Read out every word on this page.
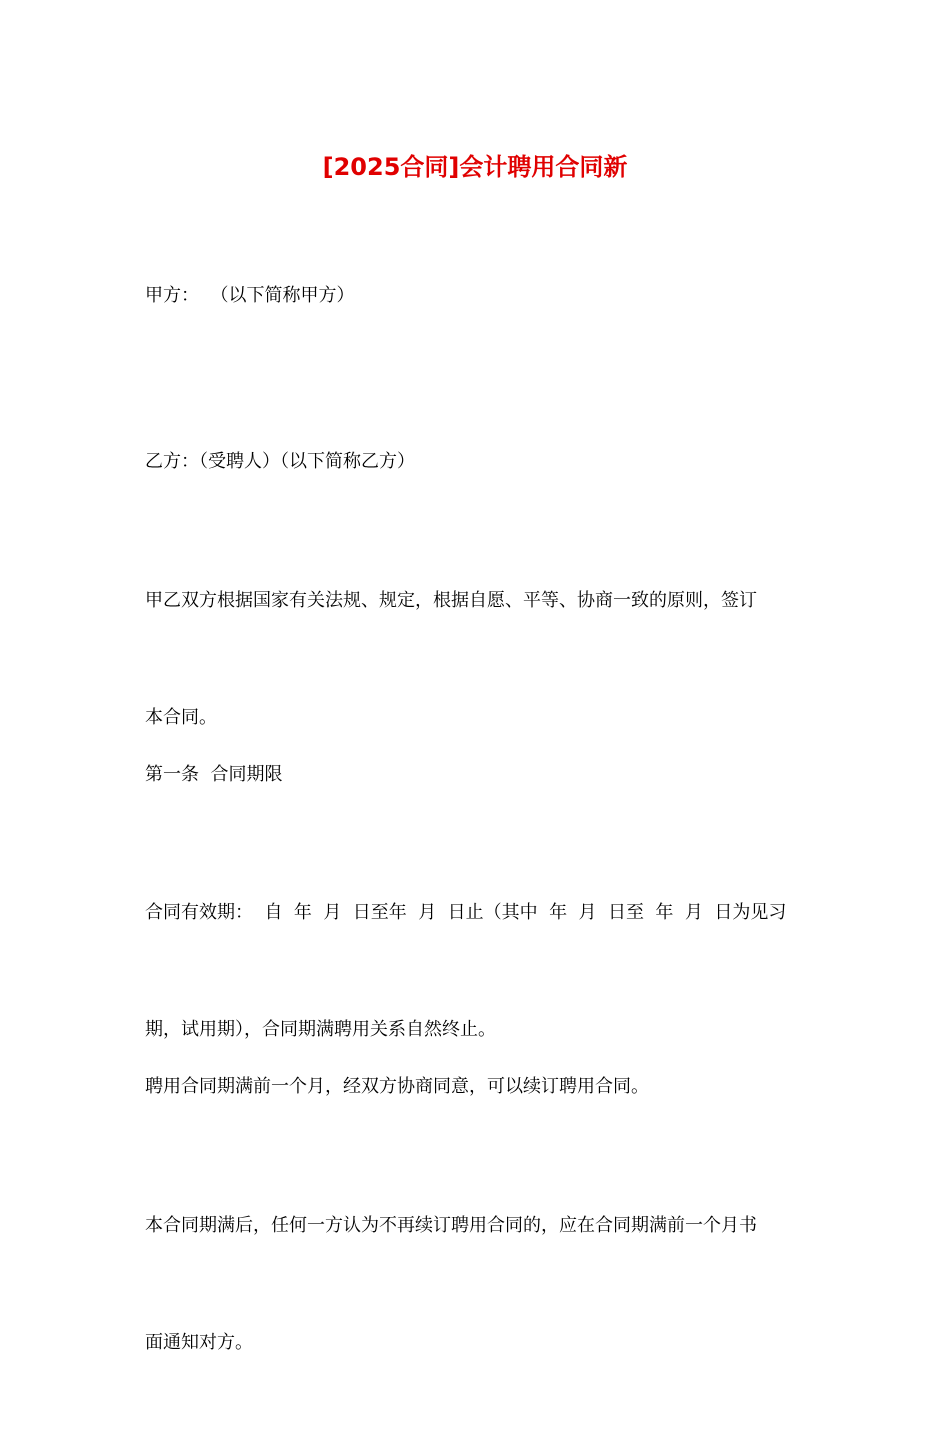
[2025合同]会计聘用合同新

甲方：  （以下简称甲方）

乙方：（受聘人）（以下简称乙方）

甲乙双方根据国家有关法规、规定，根据自愿、平等、协商一致的原则，签订

本合同。

第一条  合同期限

合同有效期：  自  年  月  日至年  月  日止（其中  年  月  日至  年  月  日为见习

期，试用期），合同期满聘用关系自然终止。

聘用合同期满前一个月，经双方协商同意，可以续订聘用合同。

本合同期满后，任何一方认为不再续订聘用合同的，应在合同期满前一个月书

面通知对方。
